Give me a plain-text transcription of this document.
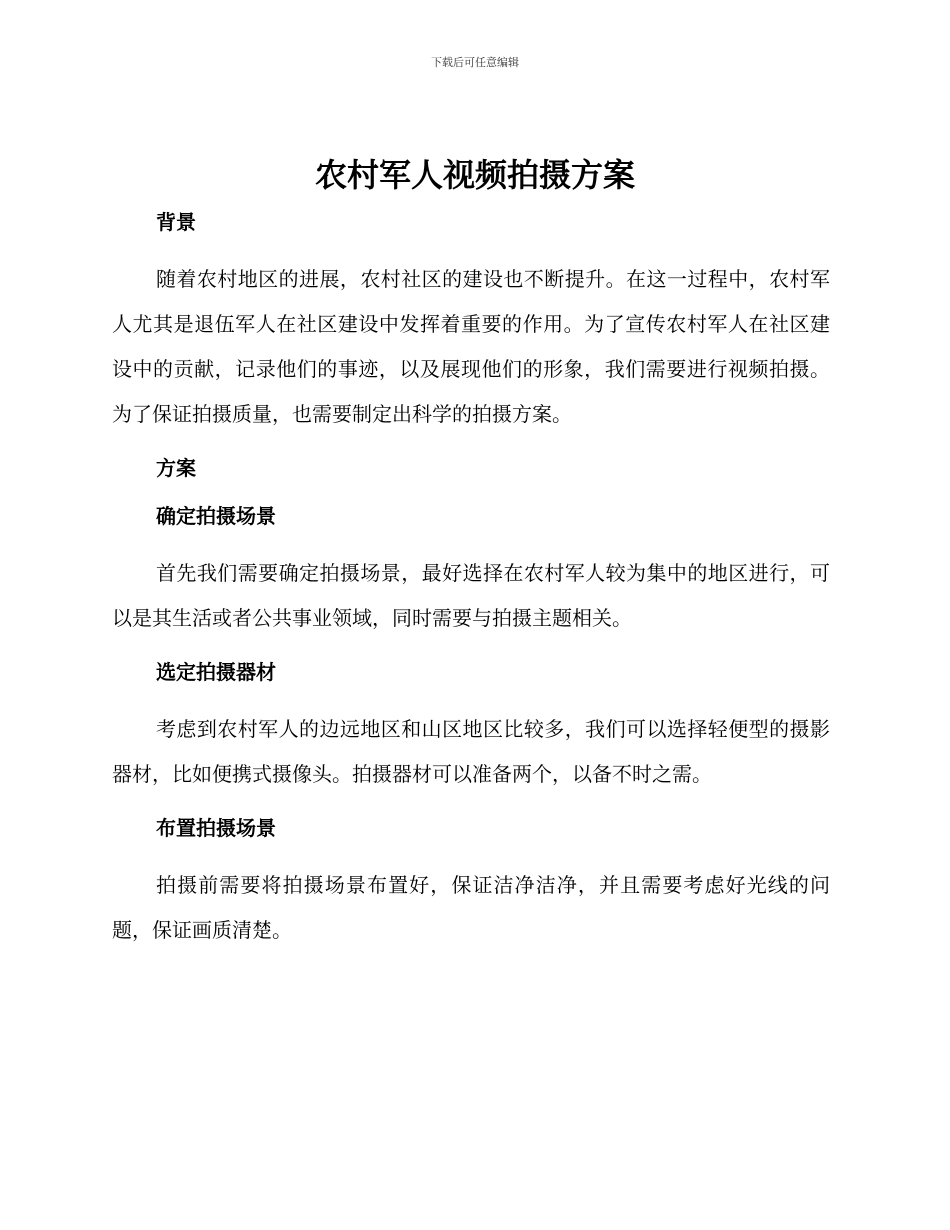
下载后可任意编辑
农村军人视频拍摄方案

背景

随着农村地区的进展，农村社区的建设也不断提升。在这一过程中，农村军人尤其是退伍军人在社区建设中发挥着重要的作用。为了宣传农村军人在社区建设中的贡献，记录他们的事迹，以及展现他们的形象，我们需要进行视频拍摄。为了保证拍摄质量，也需要制定出科学的拍摄方案。

方案

确定拍摄场景

首先我们需要确定拍摄场景，最好选择在农村军人较为集中的地区进行，可以是其生活或者公共事业领域，同时需要与拍摄主题相关。

选定拍摄器材

考虑到农村军人的边远地区和山区地区比较多，我们可以选择轻便型的摄影器材，比如便携式摄像头。拍摄器材可以准备两个，以备不时之需。

布置拍摄场景

拍摄前需要将拍摄场景布置好，保证洁净洁净，并且需要考虑好光线的问题，保证画质清楚。
